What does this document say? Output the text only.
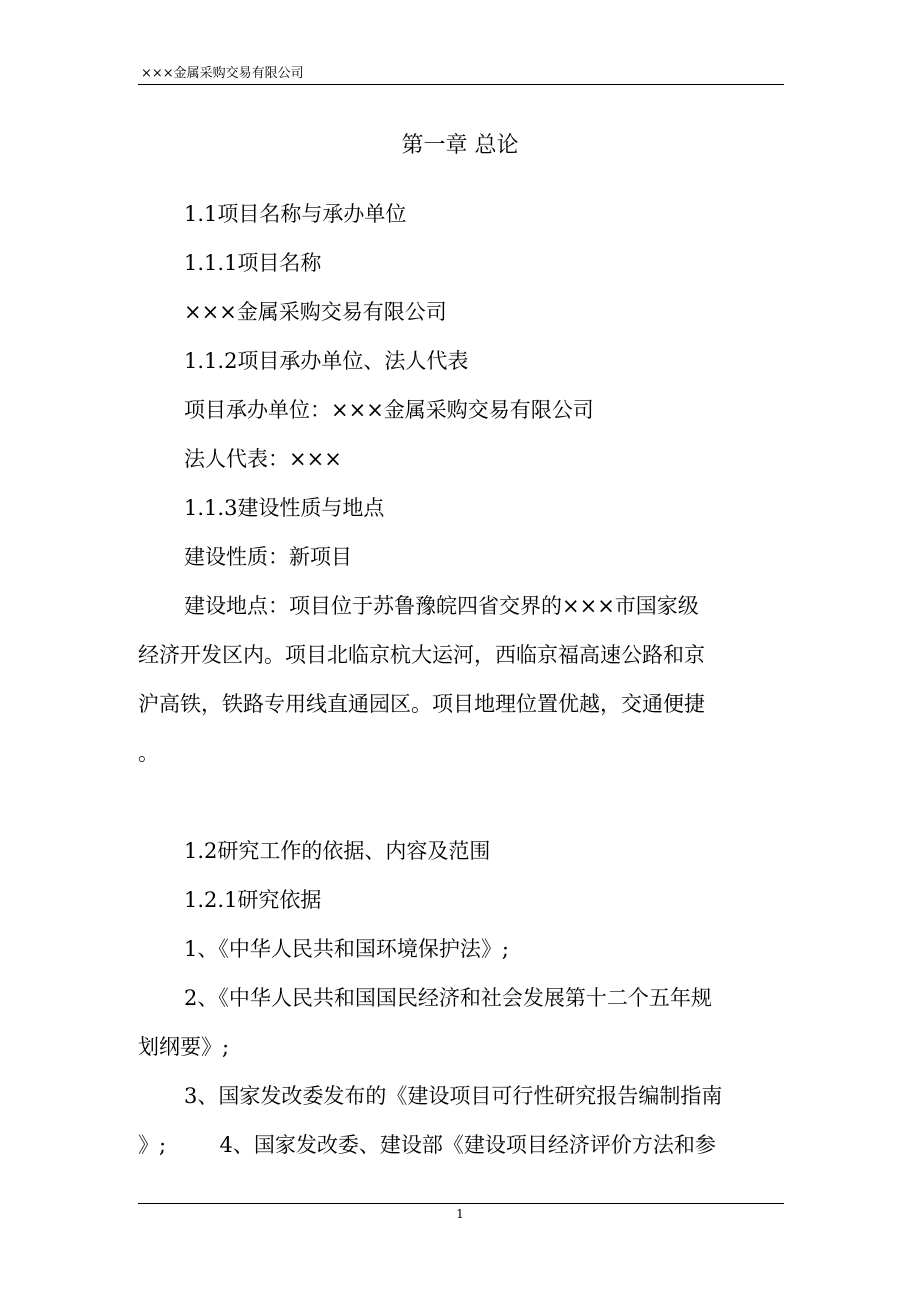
×××金属采购交易有限公司
第一章 总论
1.1项目名称与承办单位
1.1.1项目名称
×××金属采购交易有限公司
1.1.2项目承办单位、法人代表
项目承办单位：×××金属采购交易有限公司
法人代表：×××
1.1.3建设性质与地点
建设性质：新项目
建设地点：项目位于苏鲁豫皖四省交界的×××市国家级
经济开发区内。项目北临京杭大运河，西临京福高速公路和京
沪高铁，铁路专用线直通园区。项目地理位置优越，交通便捷
。
1.2研究工作的依据、内容及范围
1.2.1研究依据
1、《中华人民共和国环境保护法》;
2、《中华人民共和国国民经济和社会发展第十二个五年规
划纲要》;
3、国家发改委发布的《建设项目可行性研究报告编制指南
》;        4、国家发改委、建设部《建设项目经济评价方法和参
1
